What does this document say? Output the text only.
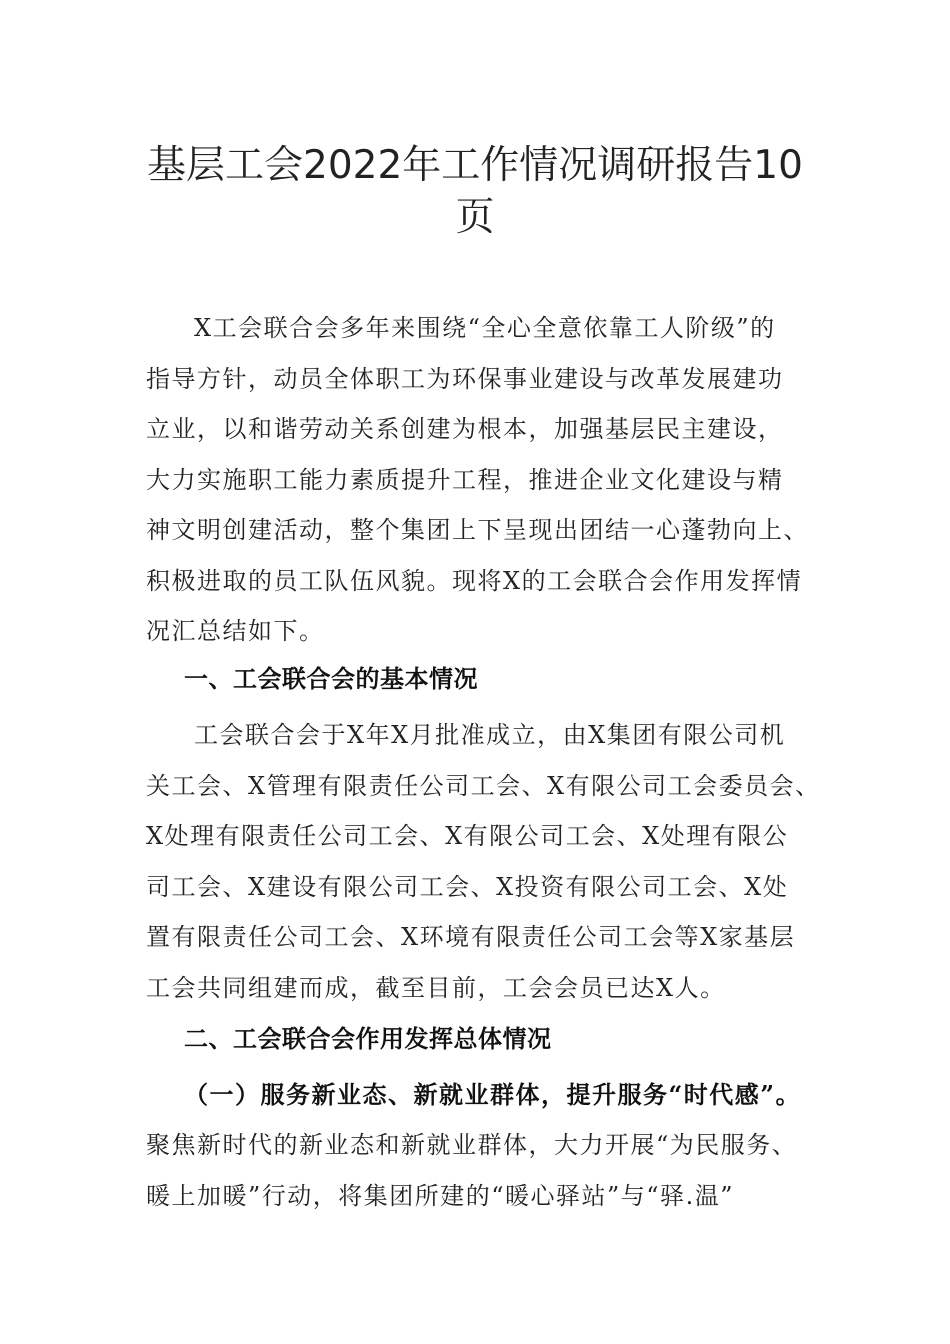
基层工会2022年工作情况调研报告10
页
X工会联合会多年来围绕“全心全意依靠工人阶级”的
指导方针，动员全体职工为环保事业建设与改革发展建功
立业，以和谐劳动关系创建为根本，加强基层民主建设，
大力实施职工能力素质提升工程，推进企业文化建设与精
神文明创建活动，整个集团上下呈现出团结一心蓬勃向上、
积极进取的员工队伍风貌。现将X的工会联合会作用发挥情
况汇总结如下。
一、工会联合会的基本情况
工会联合会于X年X月批准成立，由X集团有限公司机
关工会、X管理有限责任公司工会、X有限公司工会委员会、
X处理有限责任公司工会、X有限公司工会、X处理有限公
司工会、X建设有限公司工会、X投资有限公司工会、X处
置有限责任公司工会、X环境有限责任公司工会等X家基层
工会共同组建而成，截至目前，工会会员已达X人。
二、工会联合会作用发挥总体情况
（一）服务新业态、新就业群体，提升服务“时代感”。
聚焦新时代的新业态和新就业群体，大力开展“为民服务、
暖上加暖”行动，将集团所建的“暖心驿站”与“驿.温”
